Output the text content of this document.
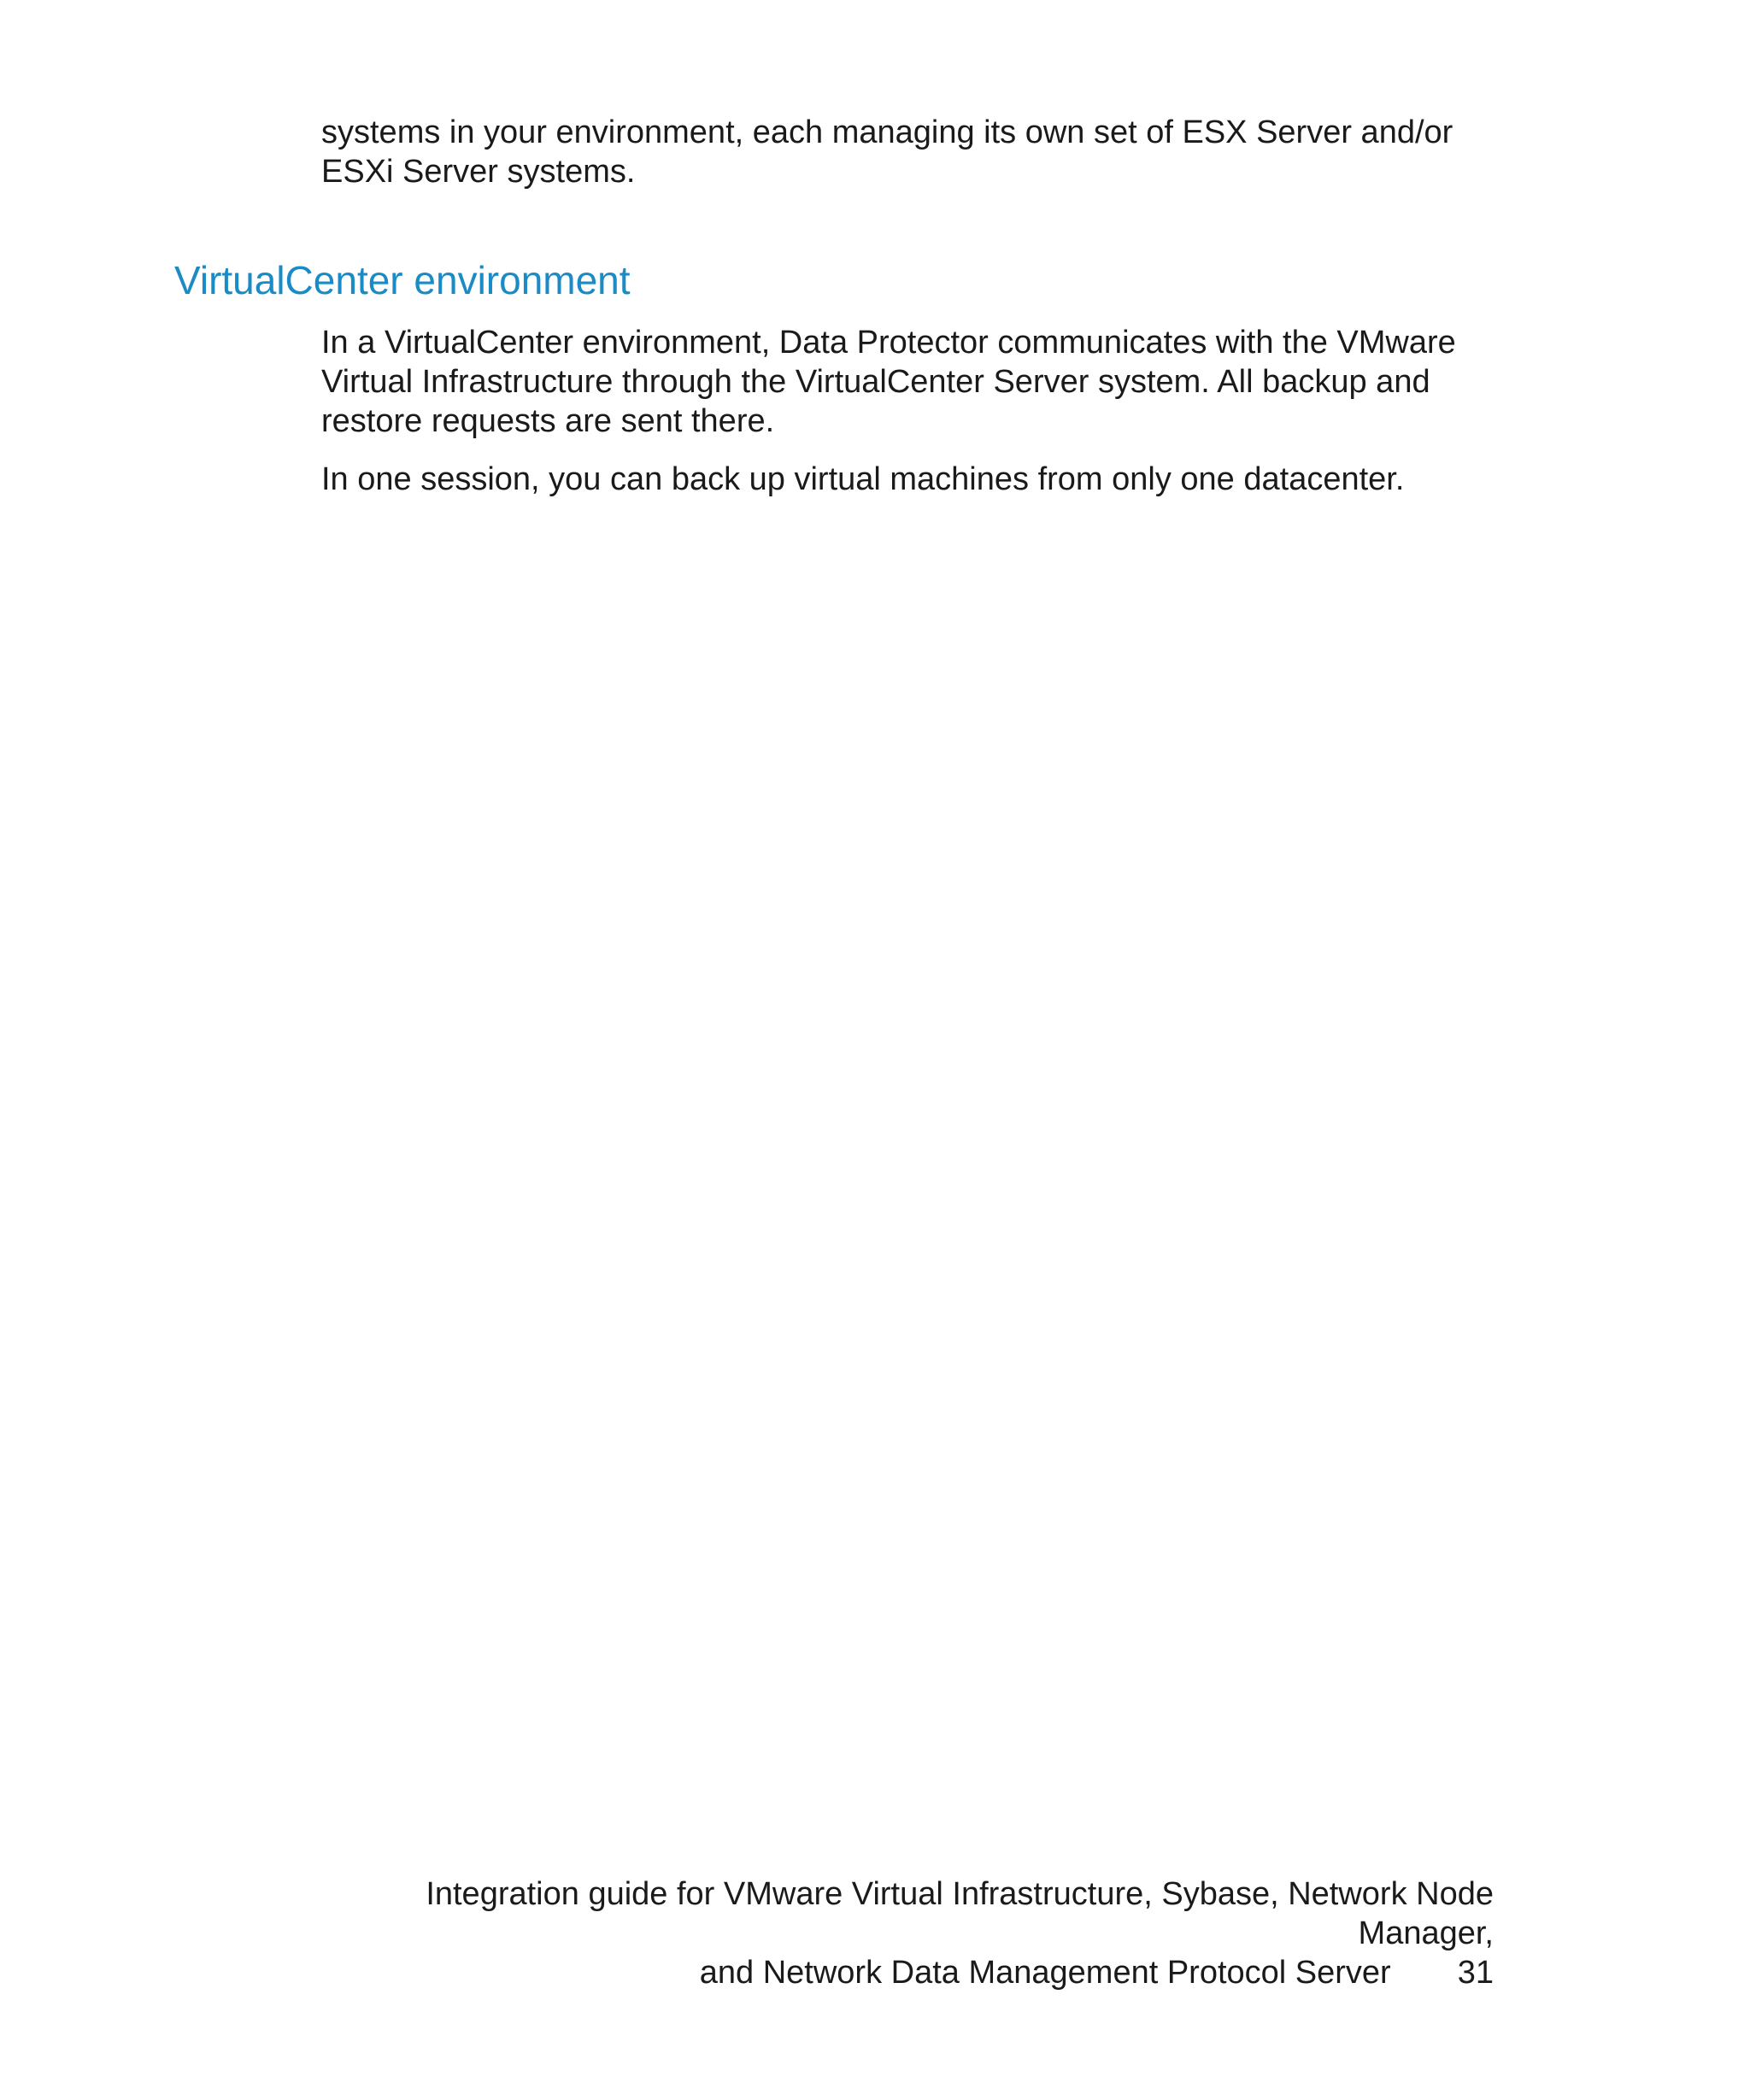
systems in your environment, each managing its own set of ESX Server and/or ESXi Server systems.

VirtualCenter environment

In a VirtualCenter environment, Data Protector communicates with the VMware Virtual Infrastructure through the VirtualCenter Server system. All backup and restore requests are sent there.

In one session, you can back up virtual machines from only one datacenter.

Integration guide for VMware Virtual Infrastructure, Sybase, Network Node Manager,
and Network Data Management Protocol Server 31
